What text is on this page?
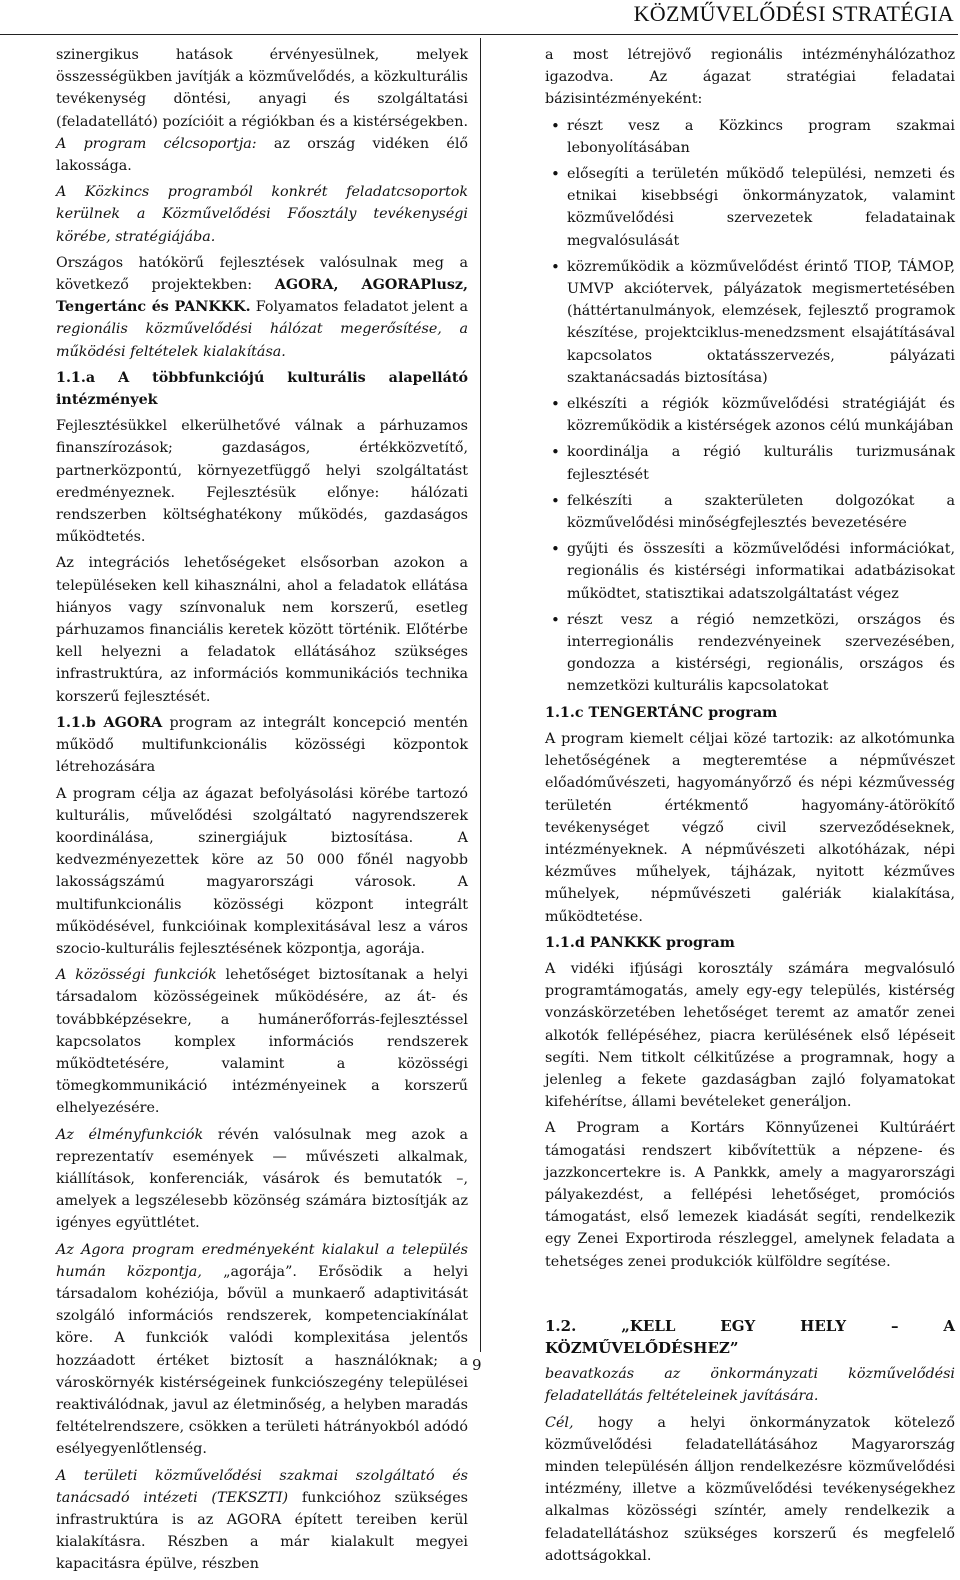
KÖZMŰVELŐDÉSI STRATÉGIA

szinergikus hatások érvényesülnek, melyek összességükben javítják a közművelődés, a közkulturális tevékenység döntési, anyagi és szolgáltatási (feladatellátó) pozícióit a régiókban és a kistérségekben. A program célcsoportja: az ország vidéken élő lakossága.

A Közkincs programból konkrét feladatcsoportok kerülnek a Közművelődési Főosztály tevékenységi körébe, stratégiájába.

Országos hatókörű fejlesztések valósulnak meg a következő projektekben: AGORA, AGORAPlusz, Tengertánc és PANKKK. Folyamatos feladatot jelent a regionális közművelődési hálózat megerősítése, a működési feltételek kialakítása.

1.1.a A többfunkciójú kulturális alapellátó intézmények

Fejlesztésükkel elkerülhetővé válnak a párhuzamos finanszírozások; gazdaságos, értékközvetítő, partnerközpontú, környezetfüggő helyi szolgáltatást eredményeznek. Fejlesztésük előnye: hálózati rendszerben költséghatékony működés, gazdaságos működtetés.

Az integrációs lehetőségeket elsősorban azokon a településeken kell kihasználni, ahol a feladatok ellátása hiányos vagy színvonaluk nem korszerű, esetleg párhuzamos financiális keretek között történik. Előtérbe kell helyezni a feladatok ellátásához szükséges infrastruktúra, az információs kommunikációs technika korszerű fejlesztését.

1.1.b AGORA program az integrált koncepció mentén működő multifunkcionális közösségi központok létrehozására

A program célja az ágazat befolyásolási körébe tartozó kulturális, művelődési szolgáltató nagyrendszerek koordinálása, szinergiájuk biztosítása. A kedvezményezettek köre az 50 000 főnél nagyobb lakosságszámú magyarországi városok. A multifunkcionális közösségi központ integrált működésével, funkcióinak komplexitásával lesz a város szocio-kulturális fejlesztésének központja, agorája.

A közösségi funkciók lehetőséget biztosítanak a helyi társadalom közösségeinek működésére, az át- és továbbképzésekre, a humánerőforrás-fejlesztéssel kapcsolatos komplex információs rendszerek működtetésére, valamint a közösségi tömegkommunikáció intézményeinek a korszerű elhelyezésére.

Az élményfunkciók révén valósulnak meg azok a reprezentatív események — művészeti alkalmak, kiállítások, konferenciák, vásárok és bemutatók –, amelyek a legszélesebb közönség számára biztosítják az igényes együttlétet.

Az Agora program eredményeként kialakul a település humán központja, „agorája”. Erősödik a helyi társadalom kohéziója, bővül a munkaerő adaptivitását szolgáló információs rendszerek, kompetenciakínálat köre. A funkciók valódi komplexitása jelentős hozzáadott értéket biztosít a használóknak; a városkörnyék kistérségeinek funkciószegény települései reaktiválódnak, javul az életminőség, a helyben maradás feltételrendszere, csökken a területi hátrányokból adódó esélyegyenlőtlenség.

A területi közművelődési szakmai szolgáltató és tanácsadó intézeti (TEKSZTI) funkcióhoz szükséges infrastruktúra is az AGORA épített tereiben kerül kialakításra. Részben a már kialakult megyei kapacitásra épülve, részben

a most létrejövő regionális intézményhálózathoz igazodva. Az ágazat stratégiai feladatai bázisintézményeként:

• részt vesz a Közkincs program szakmai lebonyolításában
• elősegíti a területén működő települési, nemzeti és etnikai kisebbségi önkormányzatok, valamint közművelődési szervezetek feladatainak megvalósulását
• közreműködik a közművelődést érintő TIOP, TÁMOP, UMVP akciótervek, pályázatok megismertetésében (háttértanulmányok, elemzések, fejlesztő programok készítése, projektciklus-menedzsment elsajátításával kapcsolatos oktatásszervezés, pályázati szaktanácsadás biztosítása)
• elkészíti a régiók közművelődési stratégiáját és közreműködik a kistérségek azonos célú munkájában
• koordinálja a régió kulturális turizmusának fejlesztését
• felkészíti a szakterületen dolgozókat a közművelődési minőségfejlesztés bevezetésére
• gyűjti és összesíti a közművelődési információkat, regionális és kistérségi informatikai adatbázisokat működtet, statisztikai adatszolgáltatást végez
• részt vesz a régió nemzetközi, országos és interregionális rendezvényeinek szervezésében, gondozza a kistérségi, regionális, országos és nemzetközi kulturális kapcsolatokat

1.1.c TENGERTÁNC program

A program kiemelt céljai közé tartozik: az alkotómunka lehetőségének a megteremtése a népművészet előadóművészeti, hagyományőrző és népi kézművesség területén értékmentő hagyomány-átörökítő tevékenységet végző civil szerveződéseknek, intézményeknek. A népművészeti alkotóházak, népi kézműves műhelyek, tájházak, nyitott kézműves műhelyek, népművészeti galériák kialakítása, működtetése.

1.1.d PANKKK program

A vidéki ifjúsági korosztály számára megvalósuló programtámogatás, amely egy-egy település, kistérség vonzáskörzetében lehetőséget teremt az amatőr zenei alkotók fellépéséhez, piacra kerülésének első lépéseit segíti. Nem titkolt célkitűzése a programnak, hogy a jelenleg a fekete gazdaságban zajló folyamatokat kifehérítse, állami bevételeket generáljon.

A Program a Kortárs Könnyűzenei Kultúráért támogatási rendszert kibővítettük a népzene- és jazzkoncertekre is. A Pankkk, amely a magyarországi pályakezdést, a fellépési lehetőséget, promóciós támogatást, első lemezek kiadását segíti, rendelkezik egy Zenei Exportiroda részleggel, amelynek feladata a tehetséges zenei produkciók külföldre segítése.

1.2. „KELL EGY HELY – A KÖZMŰVELŐDÉSHEZ”

beavatkozás az önkormányzati közművelődési feladatellátás feltételeinek javítására.

Cél, hogy a helyi önkormányzatok kötelező közművelődési feladatellátásához Magyarország minden településén álljon rendelkezésre közművelődési intézmény, illetve a közművelődési tevékenységekhez alkalmas közösségi színtér, amely rendelkezik a feladatellátáshoz szükséges korszerű és megfelelő adottságokkal.

9
